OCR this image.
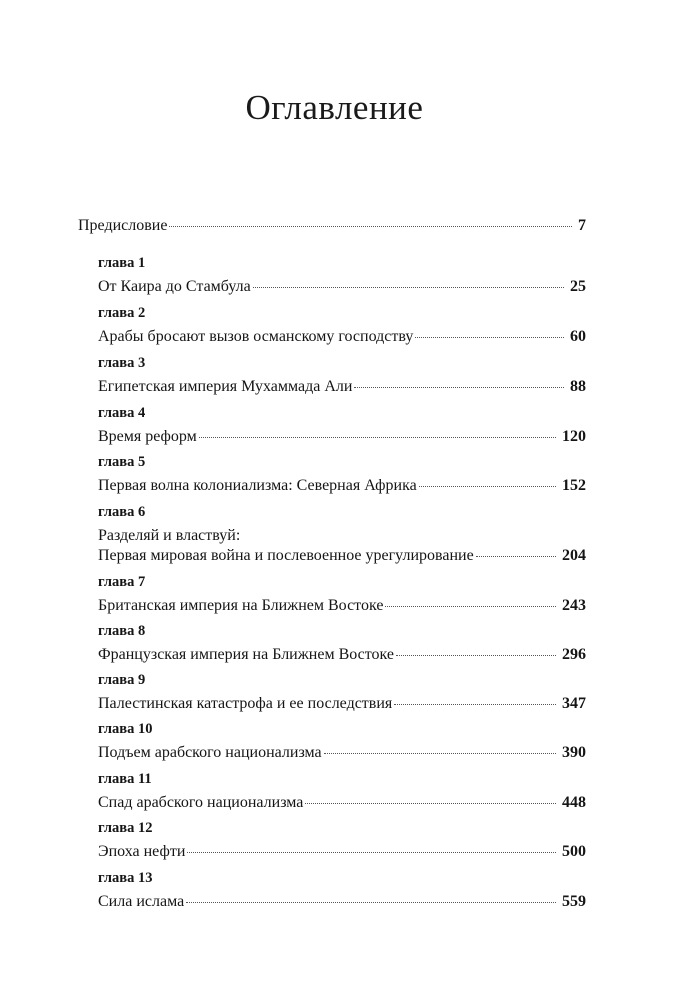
Оглавление
Предисловие	7
глава 1
От Каира до Стамбула	25
глава 2
Арабы бросают вызов османскому господству	60
глава 3
Египетская империя Мухаммада Али	88
глава 4
Время реформ	120
глава 5
Первая волна колониализма: Северная Африка	152
глава 6
Разделяй и властвуй:
Первая мировая война и послевоенное урегулирование	204
глава 7
Британская империя на Ближнем Востоке	243
глава 8
Французская империя на Ближнем Востоке	296
глава 9
Палестинская катастрофа и ее последствия	347
глава 10
Подъем арабского национализма	390
глава 11
Спад арабского национализма	448
глава 12
Эпоха нефти	500
глава 13
Сила ислама	559
